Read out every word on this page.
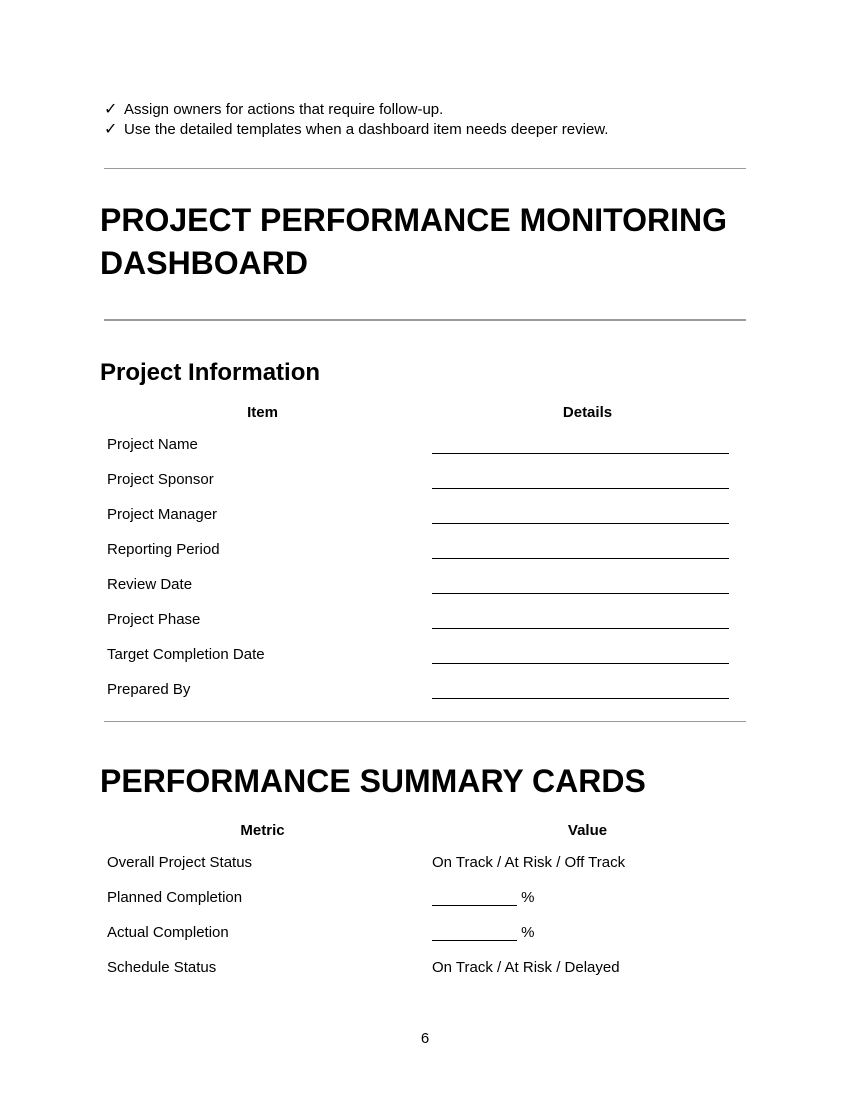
✓ Assign owners for actions that require follow-up.
✓ Use the detailed templates when a dashboard item needs deeper review.
PROJECT PERFORMANCE MONITORING DASHBOARD
Project Information
Item	Details
Project Name	
Project Sponsor	
Project Manager	
Reporting Period	
Review Date	
Project Phase	
Target Completion Date	
Prepared By	
PERFORMANCE SUMMARY CARDS
Metric	Value
Overall Project Status	On Track / At Risk / Off Track
Planned Completion	%
Actual Completion	%
Schedule Status	On Track / At Risk / Delayed
6
